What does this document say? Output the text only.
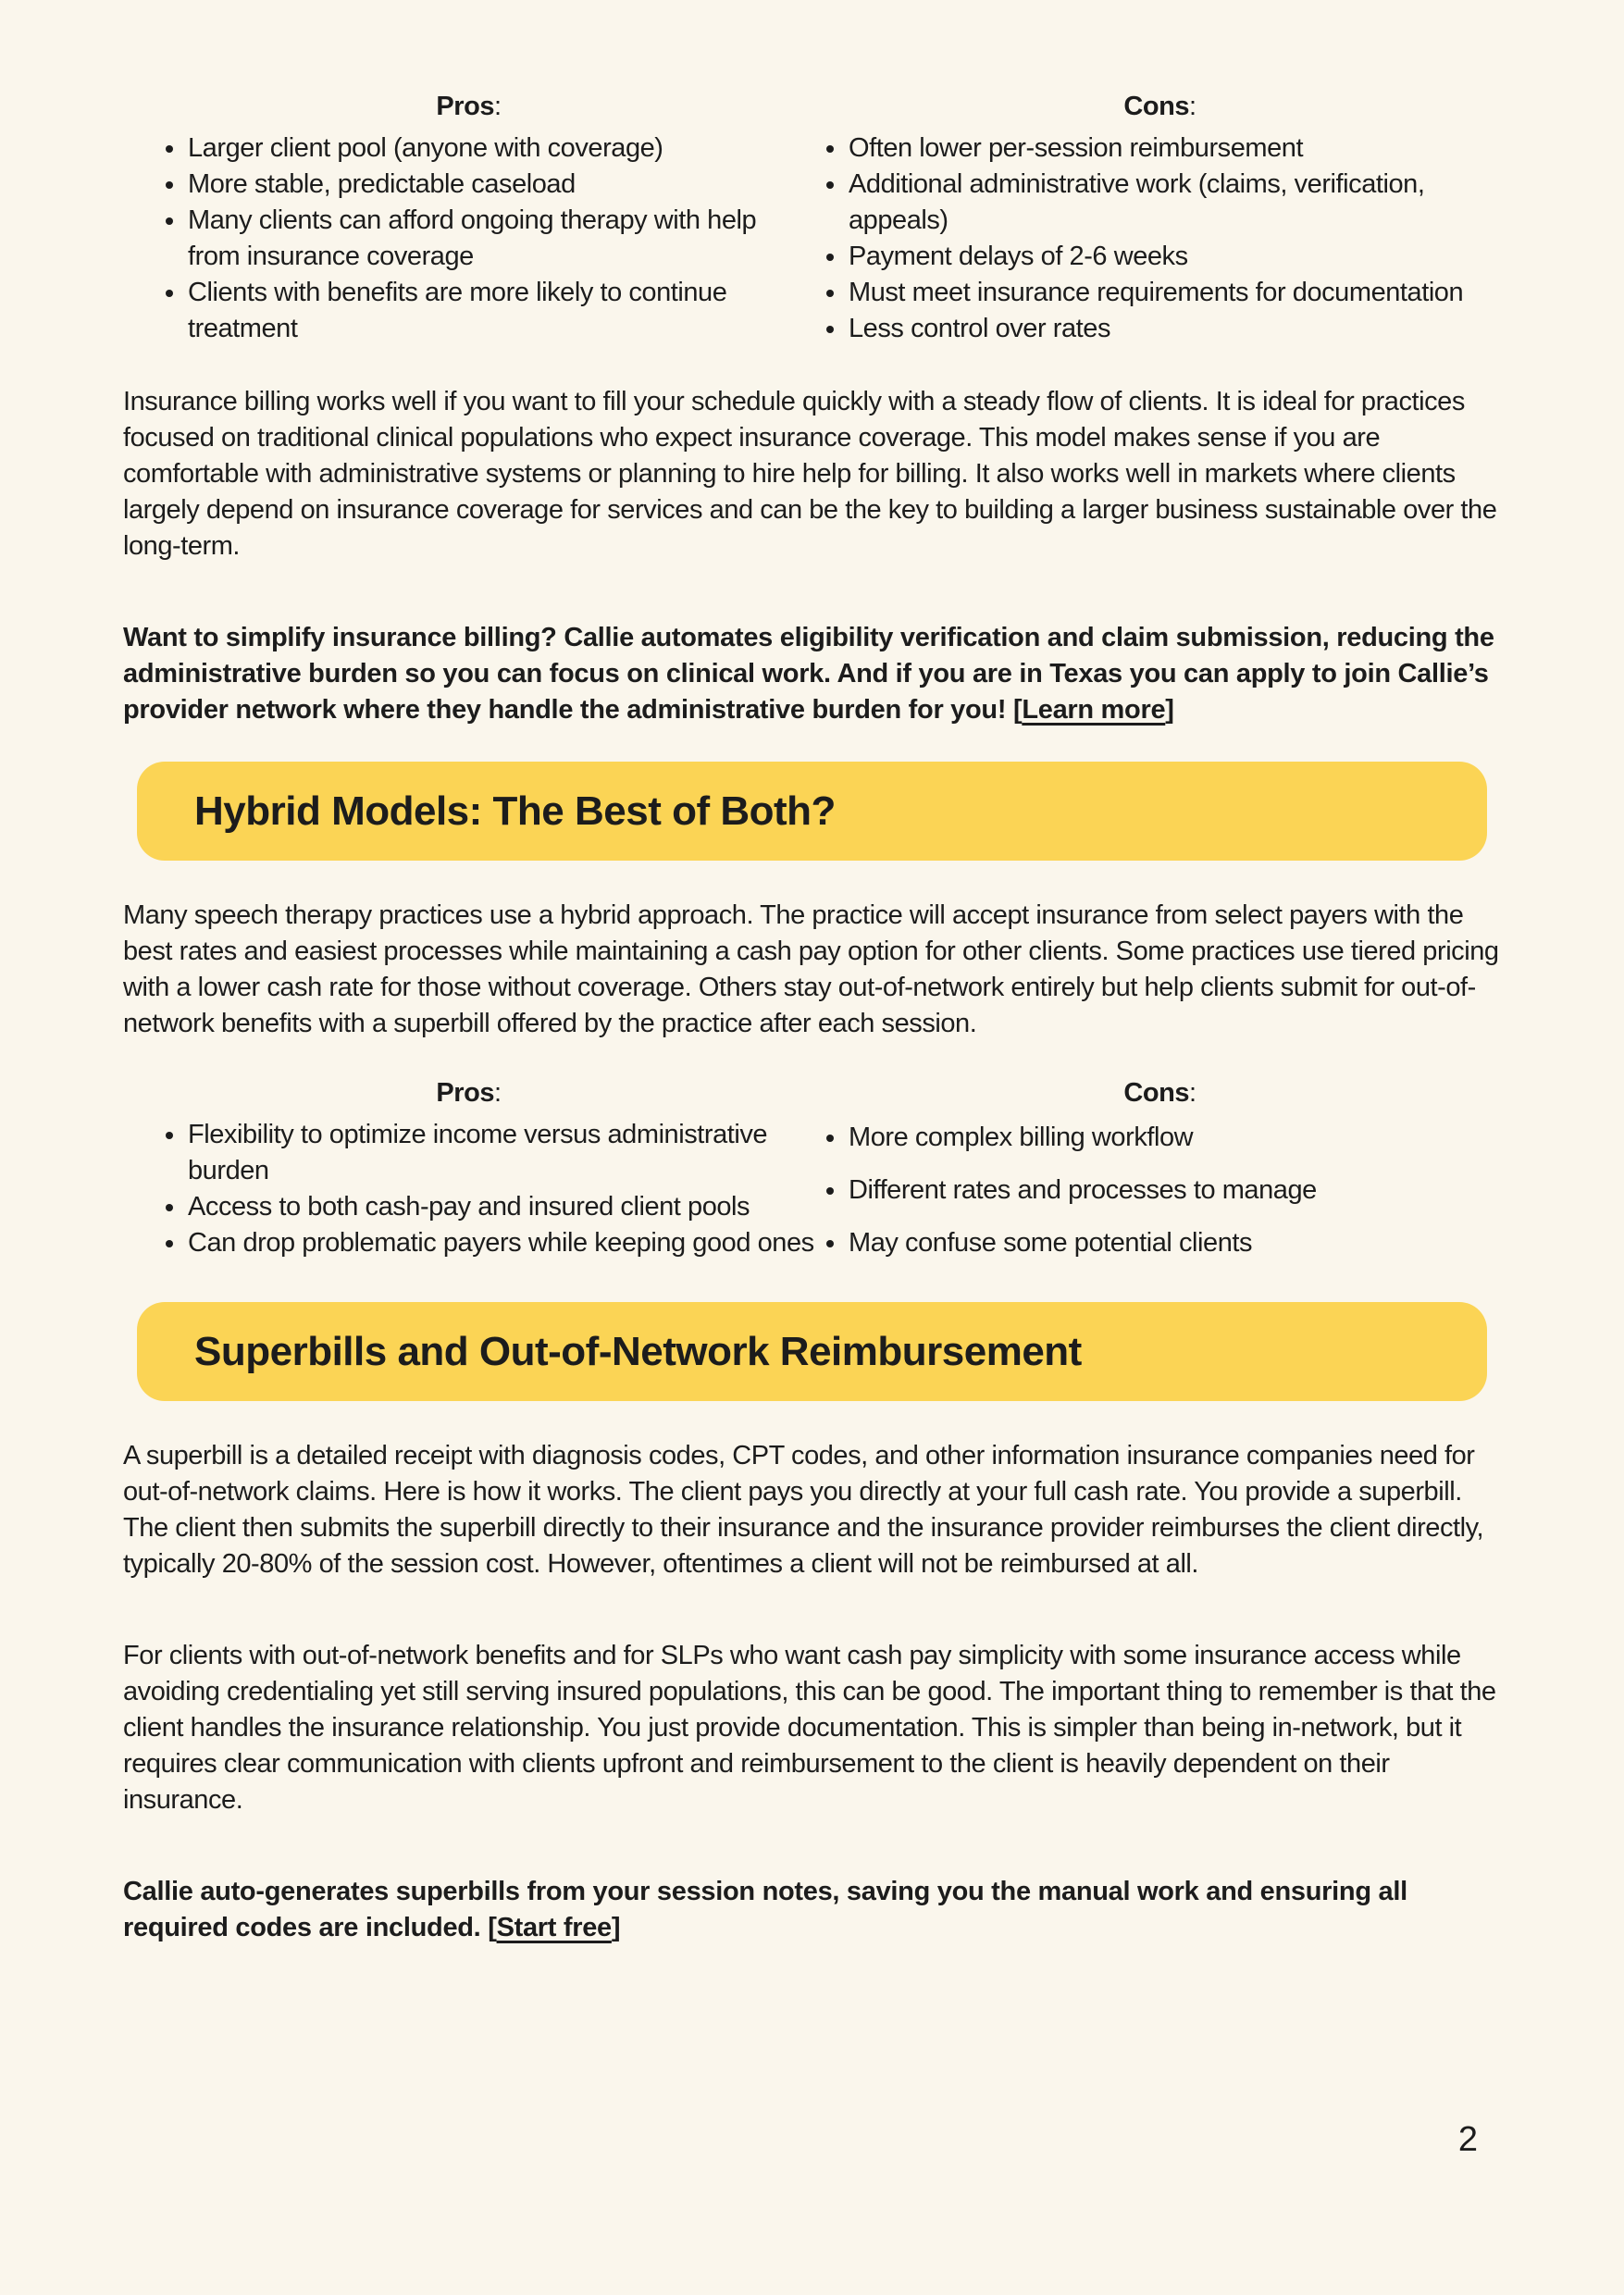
Pros:
Larger client pool (anyone with coverage)
More stable, predictable caseload
Many clients can afford ongoing therapy with help from insurance coverage
Clients with benefits are more likely to continue treatment
Cons:
Often lower per-session reimbursement
Additional administrative work (claims, verification, appeals)
Payment delays of 2-6 weeks
Must meet insurance requirements for documentation
Less control over rates

Insurance billing works well if you want to fill your schedule quickly with a steady flow of clients. It is ideal for practices focused on traditional clinical populations who expect insurance coverage. This model makes sense if you are comfortable with administrative systems or planning to hire help for billing. It also works well in markets where clients largely depend on insurance coverage for services and can be the key to building a larger business sustainable over the long-term.

Want to simplify insurance billing? Callie automates eligibility verification and claim submission, reducing the administrative burden so you can focus on clinical work. And if you are in Texas you can apply to join Callie’s provider network where they handle the administrative burden for you! [Learn more]

Hybrid Models: The Best of Both?

Many speech therapy practices use a hybrid approach. The practice will accept insurance from select payers with the best rates and easiest processes while maintaining a cash pay option for other clients. Some practices use tiered pricing with a lower cash rate for those without coverage. Others stay out-of-network entirely but help clients submit for out-of-network benefits with a superbill offered by the practice after each session.

Pros:
Flexibility to optimize income versus administrative burden
Access to both cash-pay and insured client pools
Can drop problematic payers while keeping good ones
Cons:
More complex billing workflow
Different rates and processes to manage
May confuse some potential clients
Superbills and Out-of-Network Reimbursement

A superbill is a detailed receipt with diagnosis codes, CPT codes, and other information insurance companies need for out-of-network claims. Here is how it works. The client pays you directly at your full cash rate. You provide a superbill. The client then submits the superbill directly to their insurance and the insurance provider reimburses the client directly, typically 20-80% of the session cost. However, oftentimes a client will not be reimbursed at all.

For clients with out-of-network benefits and for SLPs who want cash pay simplicity with some insurance access while avoiding credentialing yet still serving insured populations, this can be good. The important thing to remember is that the client handles the insurance relationship. You just provide documentation. This is simpler than being in-network, but it requires clear communication with clients upfront and reimbursement to the client is heavily dependent on their insurance.

Callie auto-generates superbills from your session notes, saving you the manual work and ensuring all required codes are included. [Start free]

2
